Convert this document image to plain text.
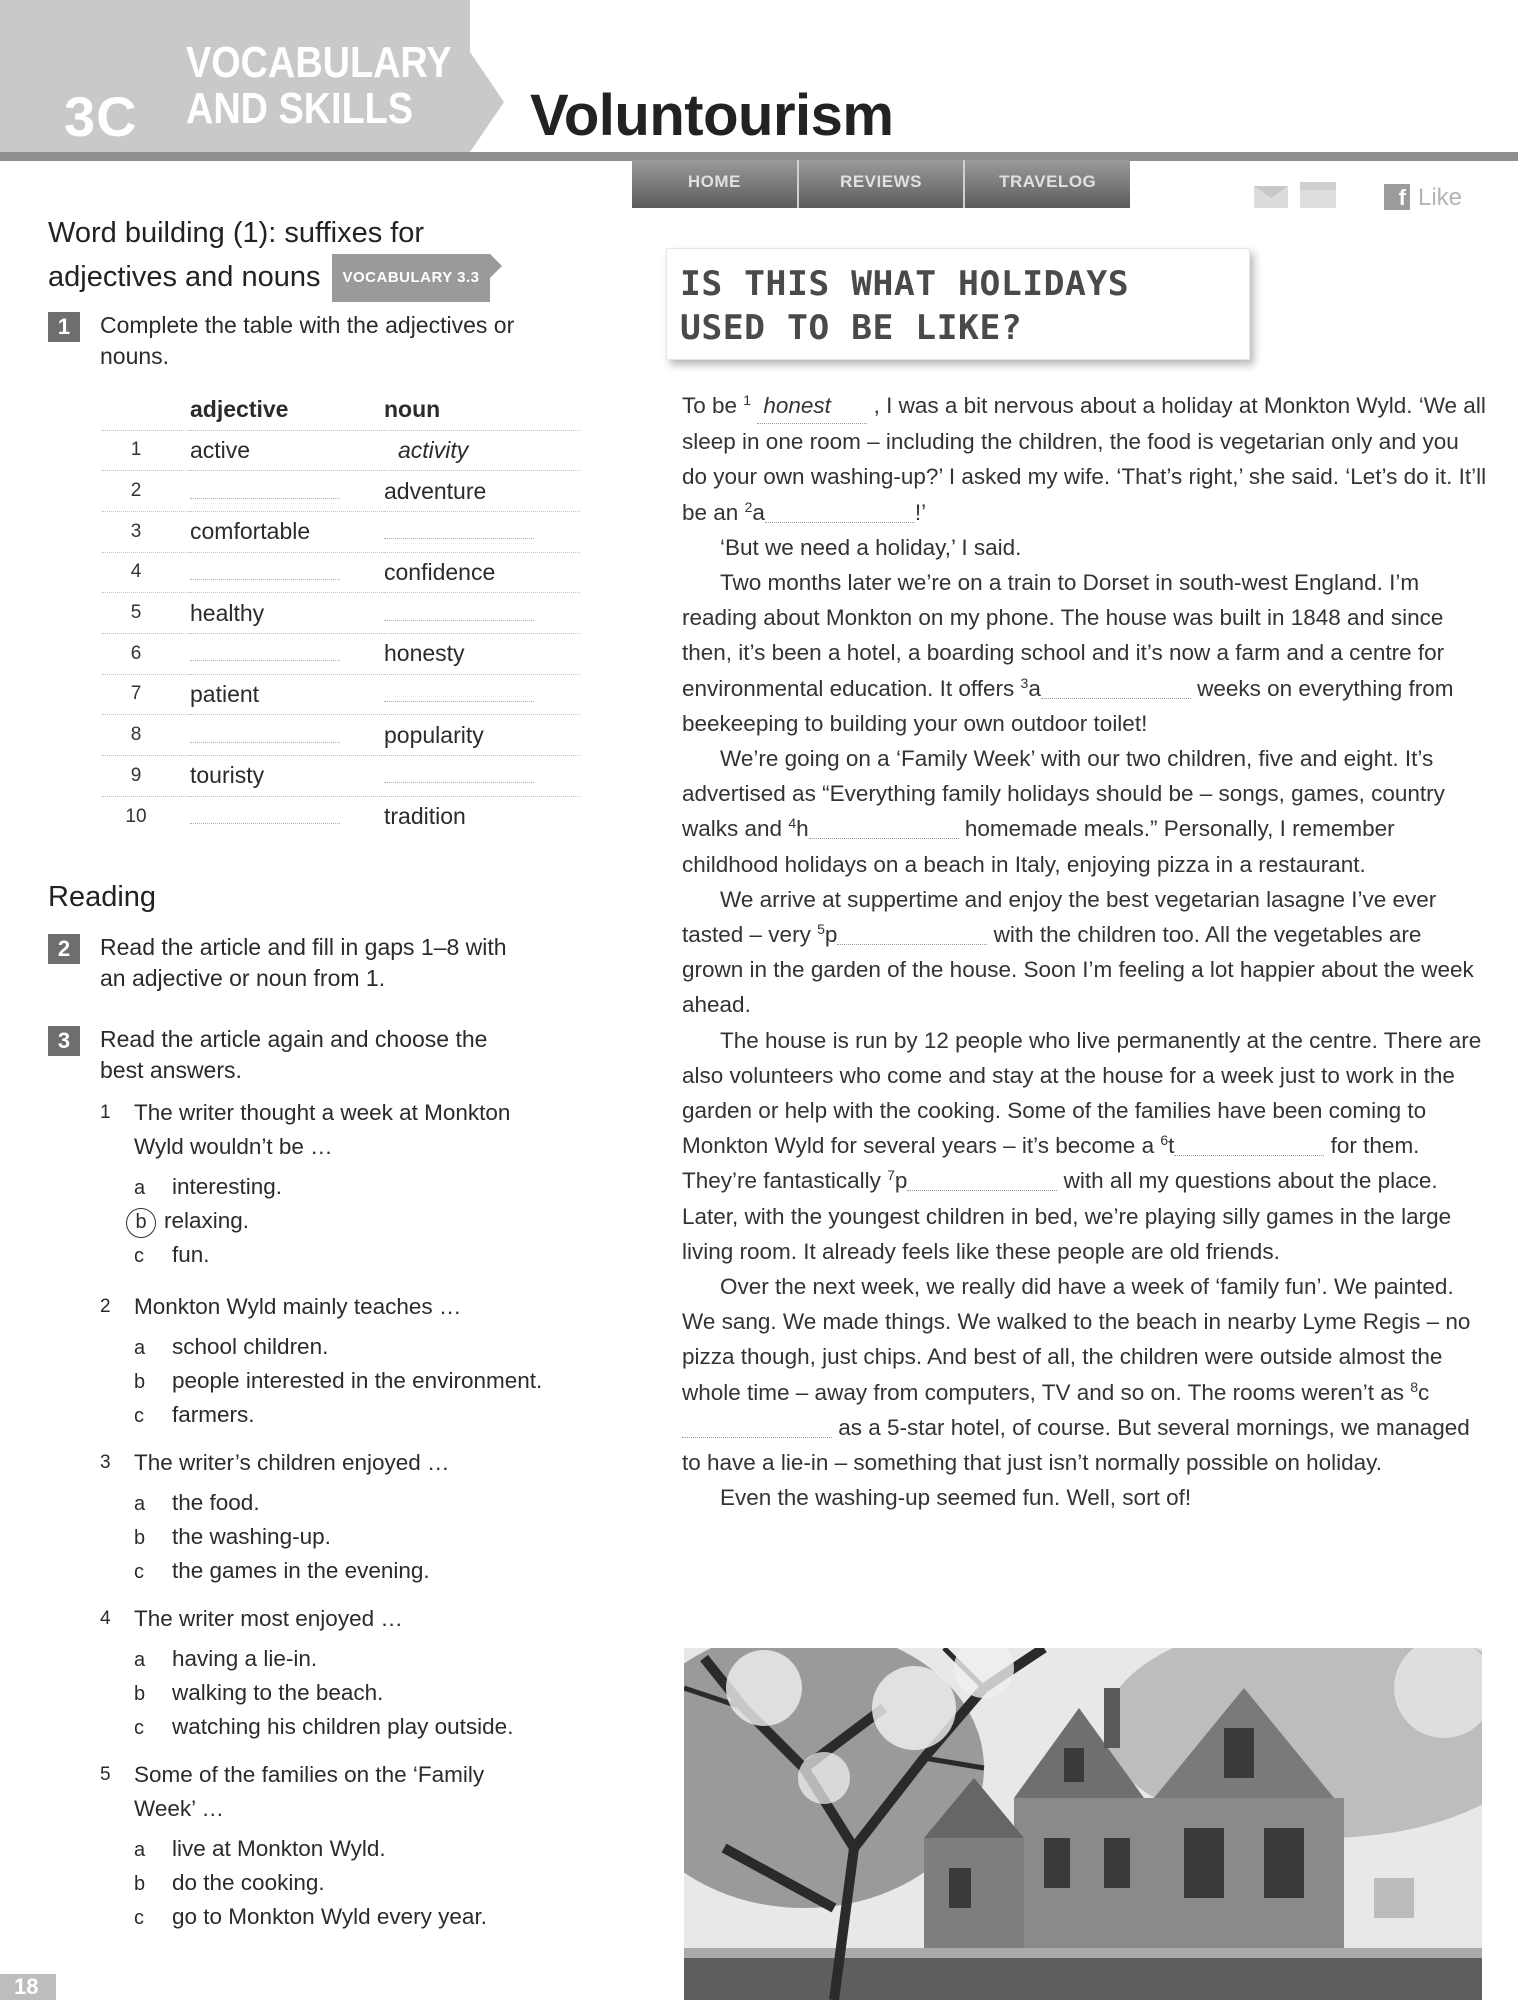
3C
VOCABULARY
AND SKILLS	Voluntourism
Word building (1): suffixes for
adjectives and nouns VOCABULARY 3.3
1	Complete the table with the adjectives or
nouns.
	adjective	noun
1	active	activity
2		adventure
3	comfortable	
4		confidence
5	healthy	
6		honesty
7	patient	
8		popularity
9	touristy	
10		tradition
Reading
2	Read the article and fill in gaps 1–8 with
an adjective or noun from 1.
3	Read the article again and choose the
best answers.
1 The writer thought a week at Monkton
Wyld wouldn’t be …
a interesting.
b relaxing.
c fun.
2 Monkton Wyld mainly teaches …
a school children.
b people interested in the environment.
c farmers.
3 The writer’s children enjoyed …
a the food.
b the washing-up.
c the games in the evening.
4 The writer most enjoyed …
a having a lie-in.
b walking to the beach.
c watching his children play outside.
5 Some of the families on the ‘Family
Week’ …
a live at Monkton Wyld.
b do the cooking.
c go to Monkton Wyld every year.
18
HOME	REVIEWS	TRAVELOG
f Like
IS THIS WHAT HOLIDAYS
USED TO BE LIKE?

To be $^1$ honest , I was a bit nervous about a holiday at Monkton Wyld. ‘We all sleep in one room – including the children, the food is vegetarian only and you do your own washing-up?’ I asked my wife. ‘That’s right,’ she said. ‘Let’s do it. It’ll be an $^2$a	!’

‘But we need a holiday,’ I said.

Two months later we’re on a train to Dorset in south-west England. I’m reading about Monkton on my phone. The house was built in 1848 and since then, it’s been a hotel, a boarding school and it’s now a farm and a centre for environmental education. It offers $^3$a	weeks on everything from beekeeping to building your own outdoor toilet!

We’re going on a ‘Family Week’ with our two children, five and eight. It’s advertised as “Everything family holidays should be – songs, games, country walks and $^4$h	homemade meals.” Personally, I remember childhood holidays on a beach in Italy, enjoying pizza in a restaurant.

We arrive at suppertime and enjoy the best vegetarian lasagne I’ve ever tasted – very $^5$p	with the children too. All the vegetables are grown in the garden of the house. Soon I’m feeling a lot happier about the week ahead.

The house is run by 12 people who live permanently at the centre. There are also volunteers who come and stay at the house for a week just to work in the garden or help with the cooking. Some of the families have been coming to Monkton Wyld for several years – it’s become a $^6$t	for them. They’re fantastically $^7$p	with all my questions about the place. Later, with the youngest children in bed, we’re playing silly games in the large living room. It already feels like these people are old friends.

Over the next week, we really did have a week of ‘family fun’. We painted. We sang. We made things. We walked to the beach in nearby Lyme Regis – no pizza though, just chips. And best of all, the children were outside almost the whole time – away from computers, TV and so on. The rooms weren’t as $^8$c as a 5-star hotel, of course. But several mornings, we managed to have a lie-in – something that just isn’t normally possible on holiday.

Even the washing-up seemed fun. Well, sort of!
